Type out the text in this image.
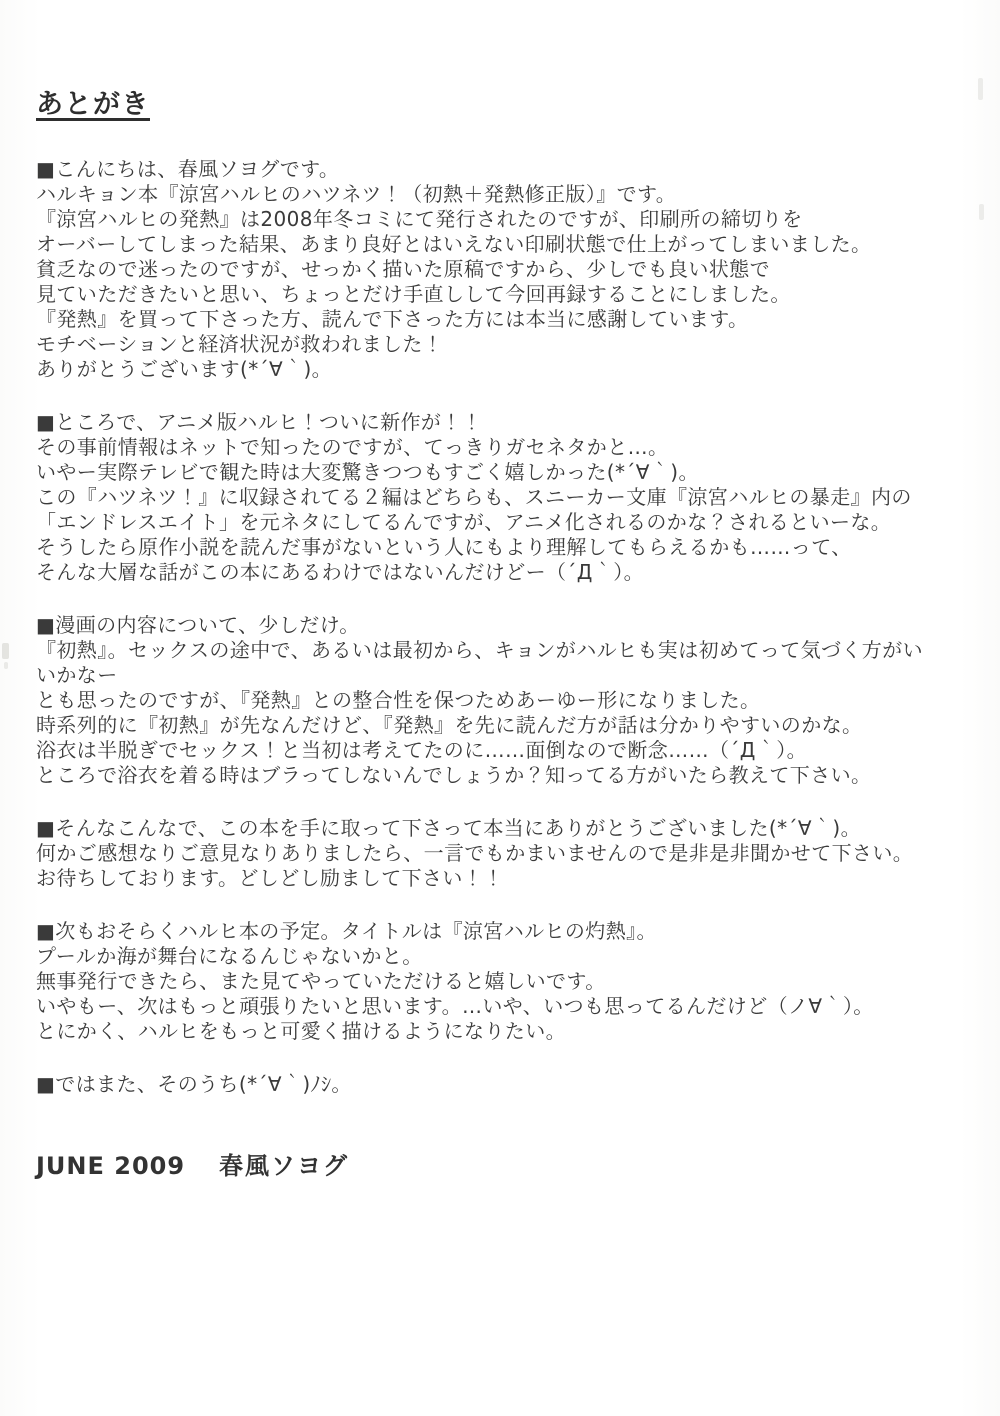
あとがき
■こんにちは、春風ソヨグです。
ハルキョン本『涼宮ハルヒのハツネツ！（初熱＋発熱修正版）』です。
『涼宮ハルヒの発熱』は2008年冬コミにて発行されたのですが、印刷所の締切りを
オーバーしてしまった結果、あまり良好とはいえない印刷状態で仕上がってしまいました。
貧乏なので迷ったのですが、せっかく描いた原稿ですから、少しでも良い状態で
見ていただきたいと思い、ちょっとだけ手直しして今回再録することにしました。
『発熱』を買って下さった方、読んで下さった方には本当に感謝しています。
モチベーションと経済状況が救われました！
ありがとうございます(*´∀｀)。
■ところで、アニメ版ハルヒ！ついに新作が！！
その事前情報はネットで知ったのですが、てっきりガセネタかと…。
いやー実際テレビで観た時は大変驚きつつもすごく嬉しかった(*´∀｀)。
この『ハツネツ！』に収録されてる２編はどちらも、スニーカー文庫『涼宮ハルヒの暴走』内の
「エンドレスエイト」を元ネタにしてるんですが、アニメ化されるのかな？されるといーな。
そうしたら原作小説を読んだ事がないという人にもより理解してもらえるかも……って、
そんな大層な話がこの本にあるわけではないんだけどー（´Д｀）。
■漫画の内容について、少しだけ。
『初熱』。セックスの途中で、あるいは最初から、キョンがハルヒも実は初めてって気づく方がい
いかなー
とも思ったのですが、『発熱』との整合性を保つためあーゆー形になりました。
時系列的に『初熱』が先なんだけど、『発熱』を先に読んだ方が話は分かりやすいのかな。
浴衣は半脱ぎでセックス！と当初は考えてたのに……面倒なので断念……（´Д｀）。
ところで浴衣を着る時はブラってしないんでしょうか？知ってる方がいたら教えて下さい。
■そんなこんなで、この本を手に取って下さって本当にありがとうございました(*´∀｀)。
何かご感想なりご意見なりありましたら、一言でもかまいませんので是非是非聞かせて下さい。
お待ちしております。どしどし励まして下さい！！
■次もおそらくハルヒ本の予定。タイトルは『涼宮ハルヒの灼熱』。
プールか海が舞台になるんじゃないかと。
無事発行できたら、また見てやっていただけると嬉しいです。
いやもー、次はもっと頑張りたいと思います。…いや、いつも思ってるんだけど（ノ∀｀）。
とにかく、ハルヒをもっと可愛く描けるようになりたい。
■ではまた、そのうち(*´∀｀)ﾉｼ。
JUNE 2009 春風ソヨグ
